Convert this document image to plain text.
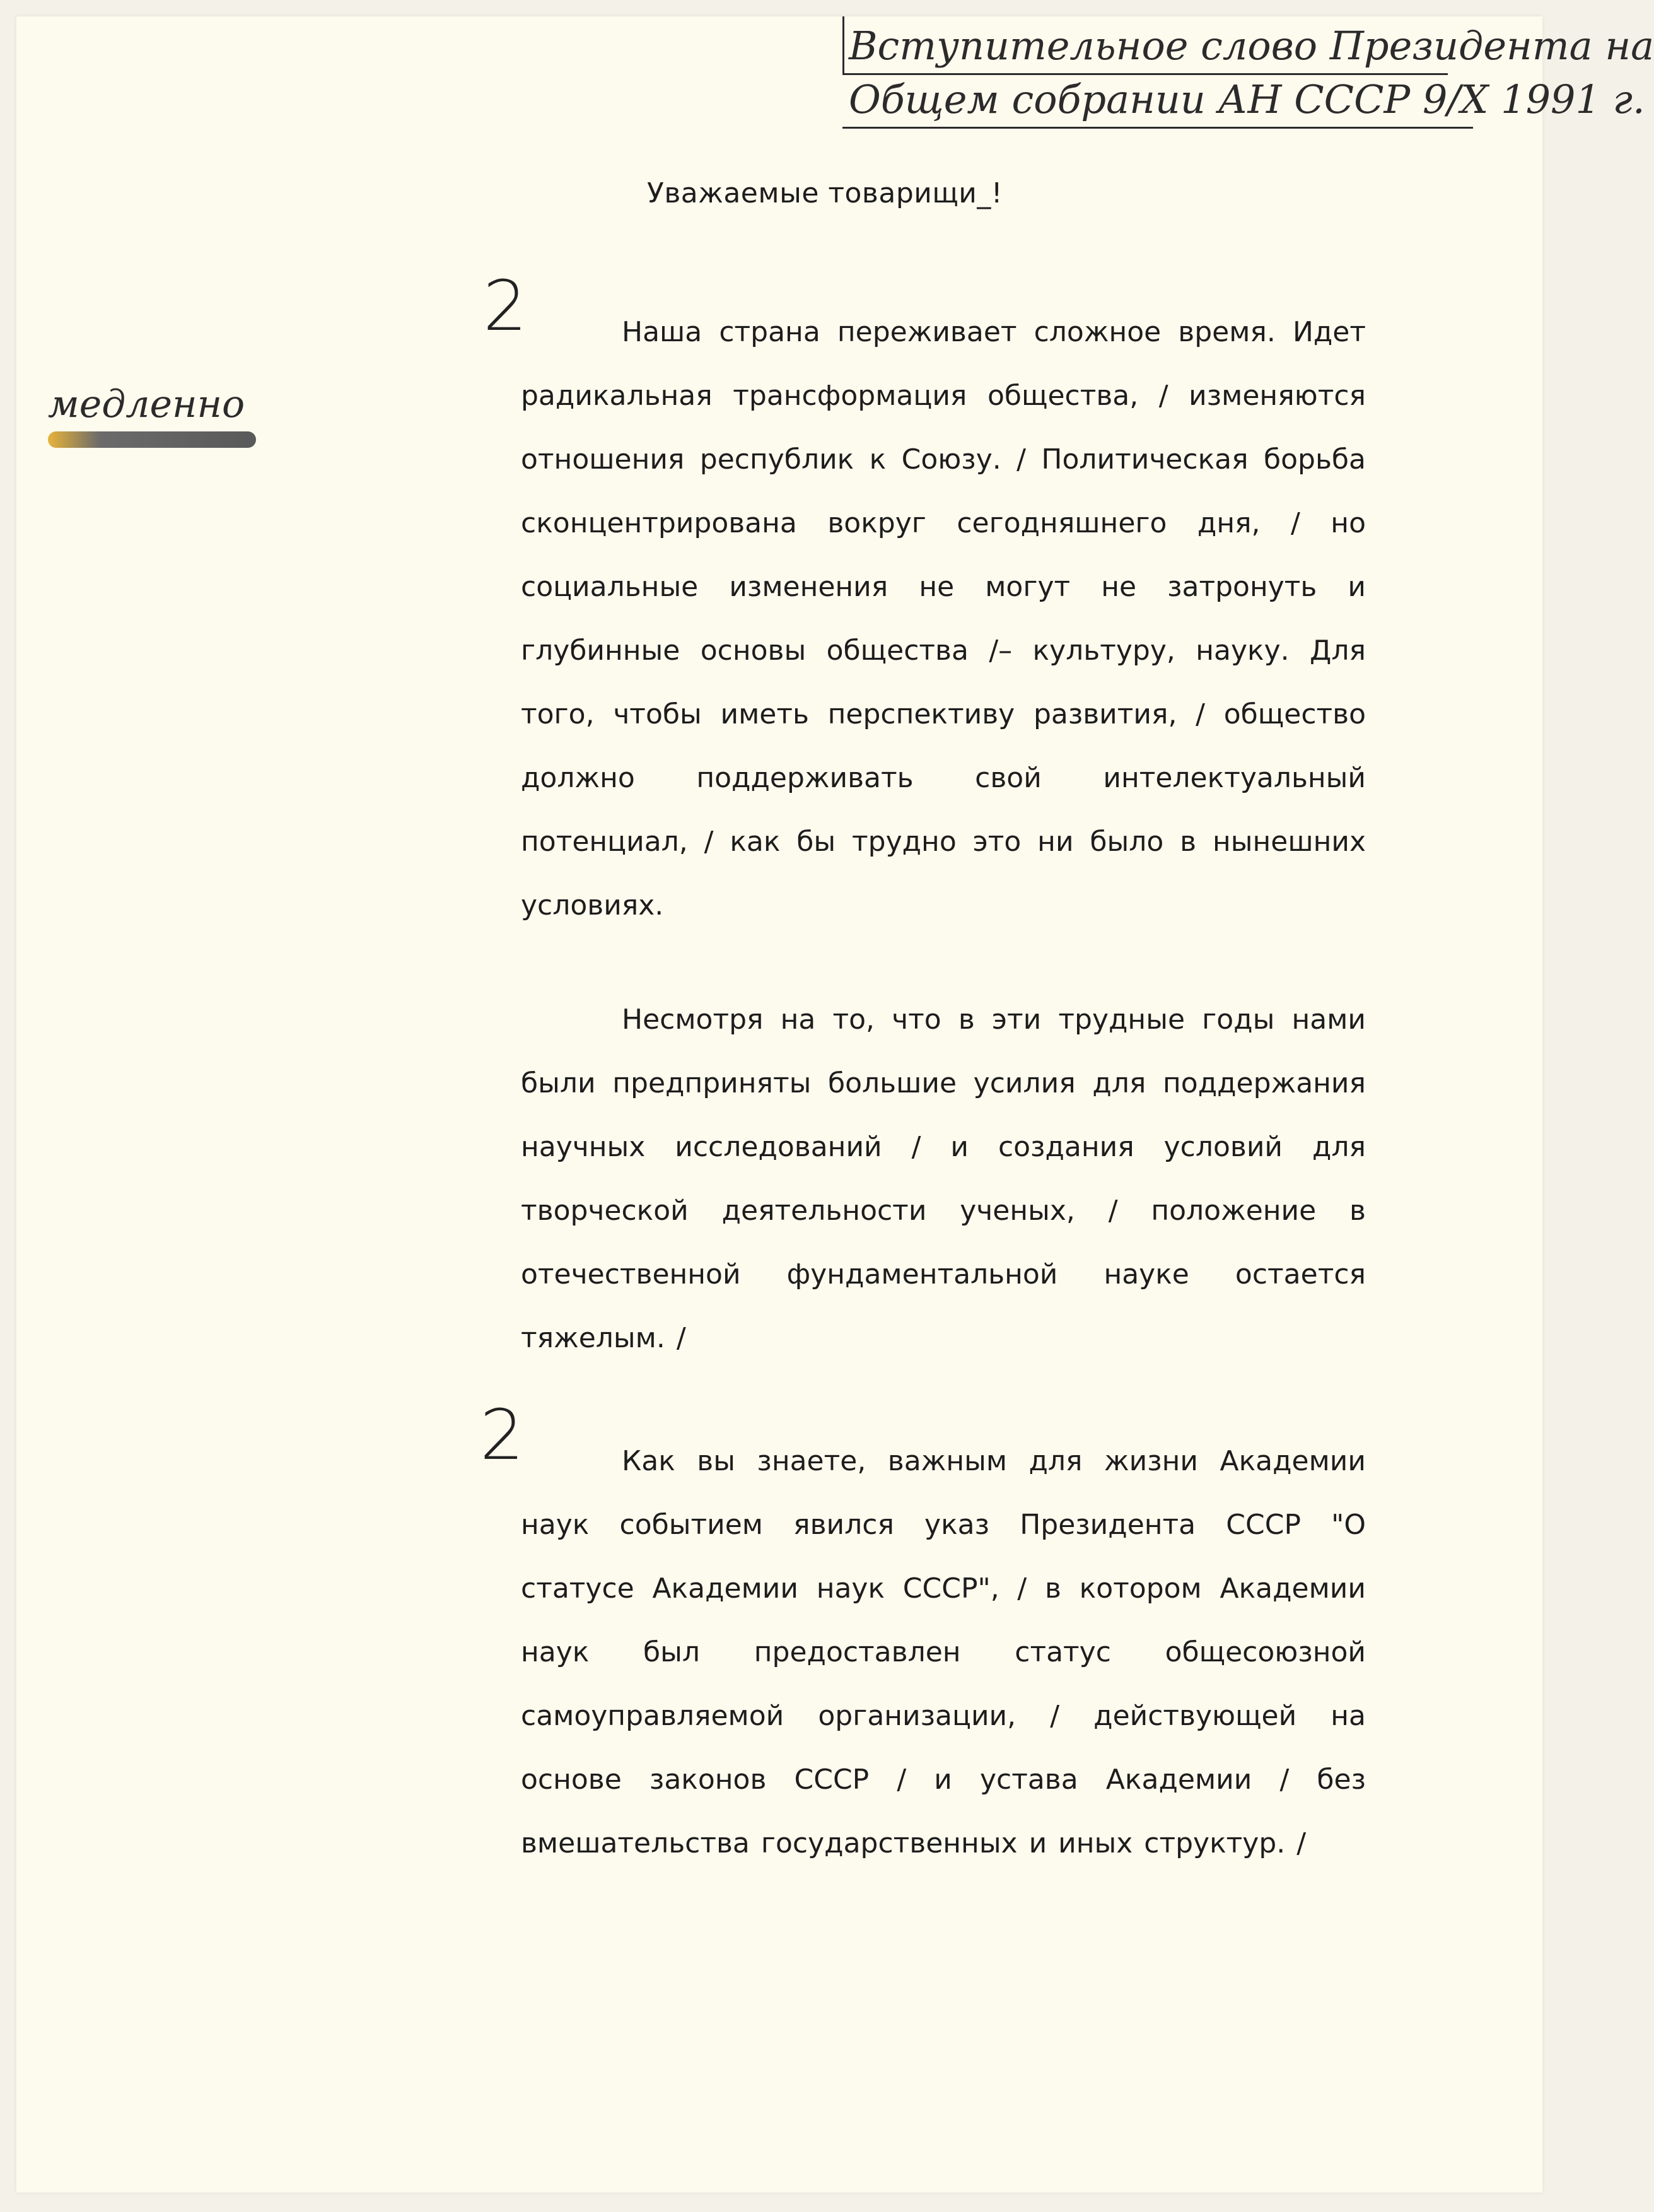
Вступительное слово Президента на
Общем собрании АН СССР 9/X 1991 г.
медленно
2
2
Уважаемые товарищи_!

Наша страна переживает сложное время. Идет радикальная трансформация общества, / изменяются отношения республик к Союзу. / Политическая борьба сконцентрирована вокруг сегодняшнего дня, / но социальные изменения не могут не затронуть и глубинные основы общества /– культуру, науку. Для того, чтобы иметь перспективу развития, / общество должно поддерживать свой интелектуальный потенциал, / как бы трудно это ни было в нынешних условиях.

Несмотря на то, что в эти трудные годы нами были предприняты большие усилия для поддержания научных исследований / и создания условий для творческой деятельности ученых, / положение в отечественной фундаментальной науке остается тяжелым. /

Как вы знаете, важным для жизни Академии наук событием явился указ Президента СССР "О статусе Академии наук СССР", / в котором Академии наук был предоставлен статус общесоюзной самоуправляемой организации, / действующей на основе законов СССР / и устава Академии / без вмешательства государственных и иных структур. /
